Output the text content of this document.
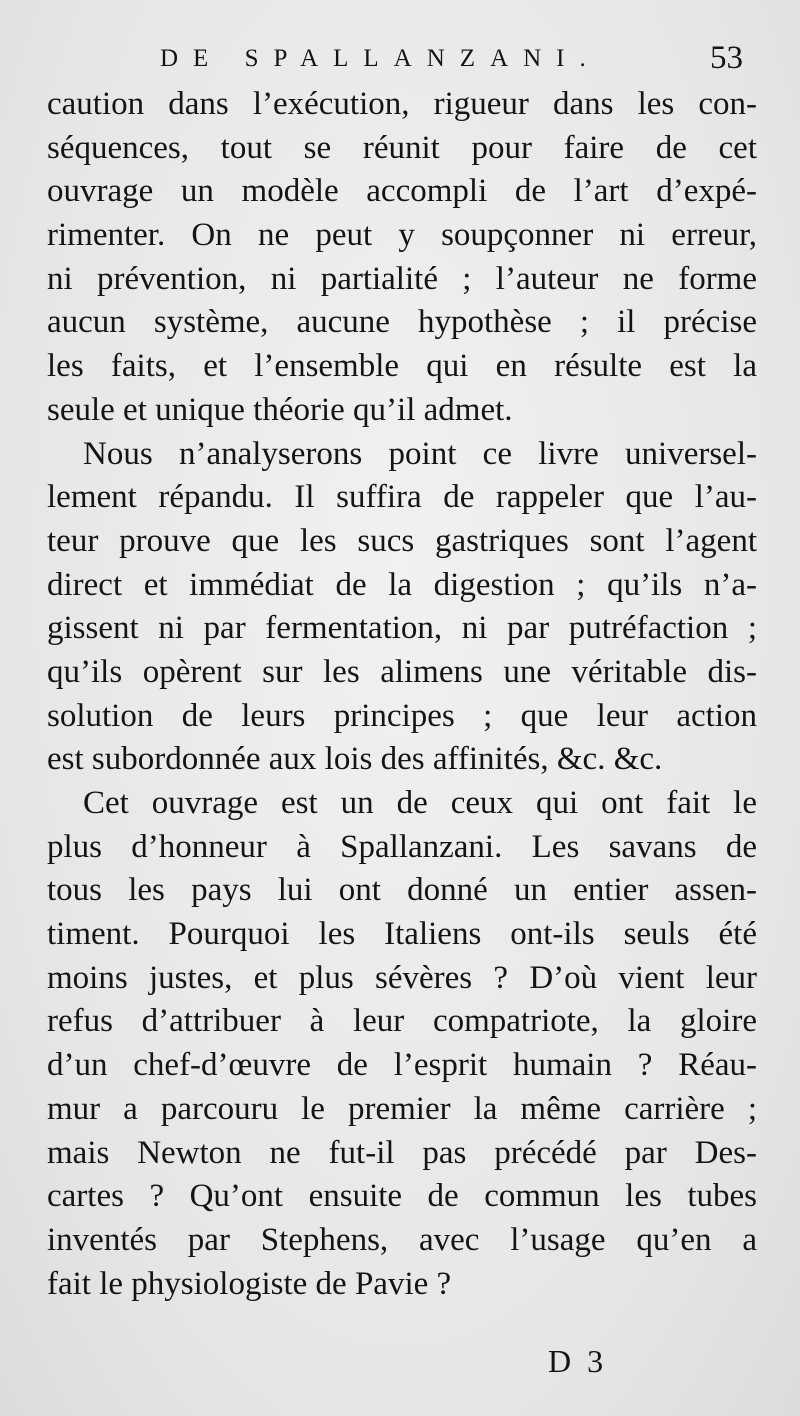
DE SPALLANZANI.	53
caution dans l’exécution, rigueur dans les con-
séquences, tout se réunit pour faire de cet
ouvrage un modèle accompli de l’art d’expé-
rimenter. On ne peut y soupçonner ni erreur,
ni prévention, ni partialité ; l’auteur ne forme
aucun système, aucune hypothèse ; il précise
les faits, et l’ensemble qui en résulte est la
seule et unique théorie qu’il admet.
Nous n’analyserons point ce livre universel-
lement répandu. Il suffira de rappeler que l’au-
teur prouve que les sucs gastriques sont l’agent
direct et immédiat de la digestion ; qu’ils n’a-
gissent ni par fermentation, ni par putréfaction ;
qu’ils opèrent sur les alimens une véritable dis-
solution de leurs principes ; que leur action
est subordonnée aux lois des affinités, &c. &c.
Cet ouvrage est un de ceux qui ont fait le
plus d’honneur à Spallanzani. Les savans de
tous les pays lui ont donné un entier assen-
timent. Pourquoi les Italiens ont-ils seuls été
moins justes, et plus sévères ? D’où vient leur
refus d’attribuer à leur compatriote, la gloire
d’un chef-d’œuvre de l’esprit humain ? Réau-
mur a parcouru le premier la même carrière ;
mais Newton ne fut-il pas précédé par Des-
cartes ? Qu’ont ensuite de commun les tubes
inventés par Stephens, avec l’usage qu’en a
fait le physiologiste de Pavie ?
D 3
